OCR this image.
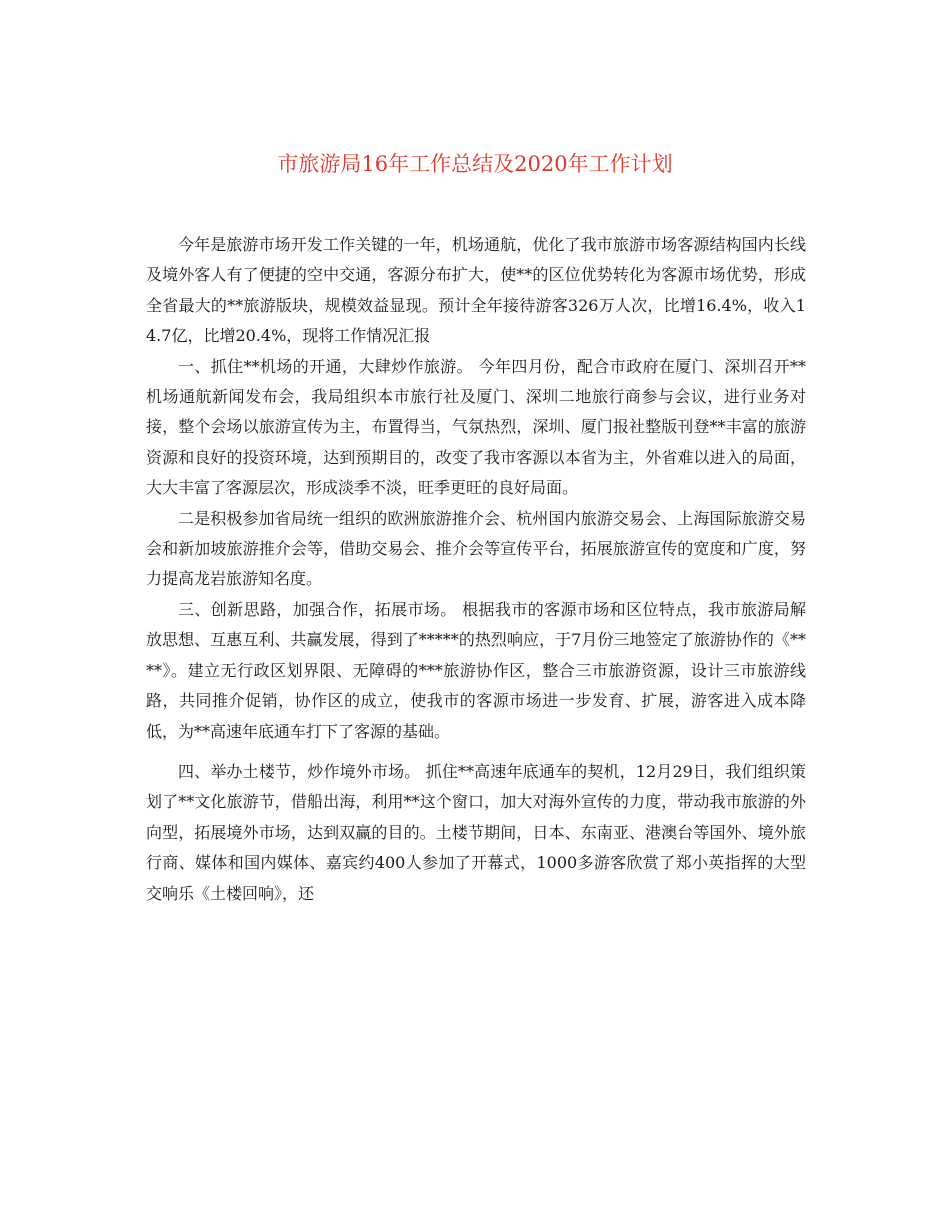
市旅游局16年工作总结及2020年工作计划

今年是旅游市场开发工作关键的一年，机场通航，优化了我市旅游市场客源结构国内长线及境外客人有了便捷的空中交通，客源分布扩大，使**的区位优势转化为客源市场优势，形成全省最大的**旅游版块，规模效益显现。预计全年接待游客326万人次，比增16.4%，收入14.7亿，比增20.4%，现将工作情况汇报

一、抓住**机场的开通，大肆炒作旅游。 今年四月份，配合市政府在厦门、深圳召开**机场通航新闻发布会，我局组织本市旅行社及厦门、深圳二地旅行商参与会议，进行业务对接，整个会场以旅游宣传为主，布置得当，气氛热烈，深圳、厦门报社整版刊登**丰富的旅游资源和良好的投资环境，达到预期目的，改变了我市客源以本省为主，外省难以进入的局面，大大丰富了客源层次，形成淡季不淡，旺季更旺的良好局面。

二是积极参加省局统一组织的欧洲旅游推介会、杭州国内旅游交易会、上海国际旅游交易会和新加坡旅游推介会等，借助交易会、推介会等宣传平台，拓展旅游宣传的宽度和广度，努力提高龙岩旅游知名度。

三、创新思路，加强合作，拓展市场。 根据我市的客源市场和区位特点，我市旅游局解放思想、互惠互利、共赢发展，得到了*****的热烈响应，于7月份三地签定了旅游协作的《****》。建立无行政区划界限、无障碍的***旅游协作区，整合三市旅游资源，设计三市旅游线路，共同推介促销，协作区的成立，使我市的客源市场进一步发育、扩展，游客进入成本降低，为**高速年底通车打下了客源的基础。

四、举办土楼节，炒作境外市场。 抓住**高速年底通车的契机，12月29日，我们组织策划了**文化旅游节，借船出海，利用**这个窗口，加大对海外宣传的力度，带动我市旅游的外向型，拓展境外市场，达到双赢的目的。土楼节期间，日本、东南亚、港澳台等国外、境外旅行商、媒体和国内媒体、嘉宾约400人参加了开幕式，1000多游客欣赏了郑小英指挥的大型交响乐《土楼回响》，还
